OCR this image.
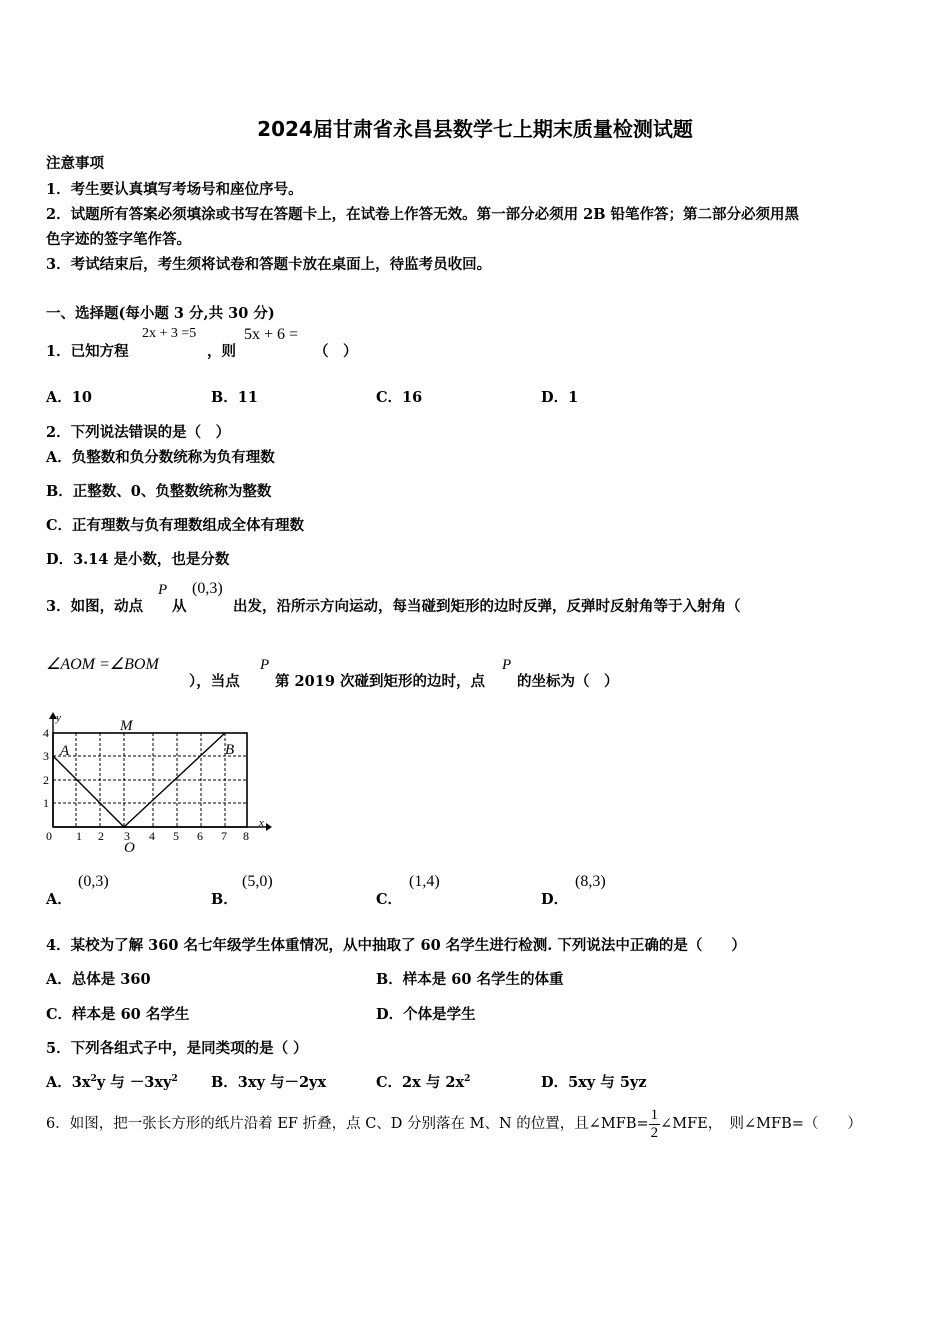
2024届甘肃省永昌县数学七上期末质量检测试题
注意事项
1．考生要认真填写考场号和座位序号。
2．试题所有答案必须填涂或书写在答题卡上，在试卷上作答无效。第一部分必须用 2B 铅笔作答；第二部分必须用黑
色字迹的签字笔作答。
3．考试结束后，考生须将试卷和答题卡放在桌面上，待监考员收回。
一、选择题(每小题 3 分,共 30 分)
1．已知方程
2x + 3 =5
，则
5x + 6 =
（　）
A．10	B．11	C．16	D．1
2．下列说法错误的是（　）
A．负整数和负分数统称为负有理数
B．正整数、0、负整数统称为整数
C．正有理数与负有理数组成全体有理数
D．3.14 是小数，也是分数
3．如图，动点
P
从
(0,3)
出发，沿所示方向运动，每当碰到矩形的边时反弹，反弹时反射角等于入射角（
∠AOM =∠BOM
），当点
P
第 2019 次碰到矩形的边时，点
P
的坐标为（　）
0 1 2 3 4 5 6 7 8
1
2
3
4
x
y
A	B
M
O
A．
(0,3)
B．
(5,0)
C．
(1,4)
D．
(8,3)
4．某校为了解 360 名七年级学生体重情况，从中抽取了 60 名学生进行检测. 下列说法中正确的是（　　）
A．总体是 360	B．样本是 60 名学生的体重
C．样本是 60 名学生	D．个体是学生
5．下列各组式子中，是同类项的是（ ）
A．$3x^2y$ 与 $-3xy^2$ B．3xy 与－2yx	C．2x 与 $2x^2$	D．5xy 与 5yz
6．如图，把一张长方形的纸片沿着 EF 折叠，点 C、D 分别落在 M、N 的位置，且∠MFB= $\frac{1}{2}$ ∠MFE，　则∠MFB=（　　）
